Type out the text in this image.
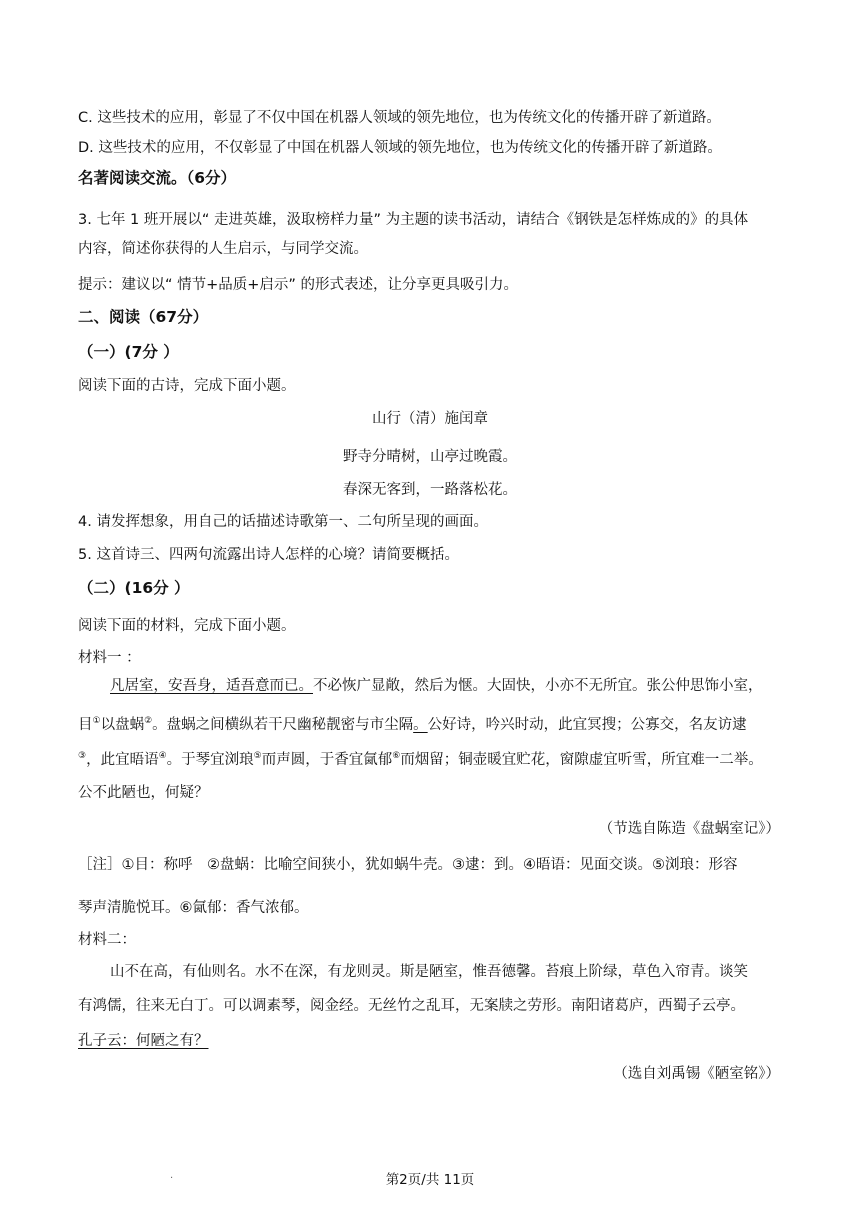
C. 这些技术的应用，彰显了不仅中国在机器人领域的领先地位，也为传统文化的传播开辟了新道路。
D. 这些技术的应用，不仅彰显了中国在机器人领域的领先地位，也为传统文化的传播开辟了新道路。
名著阅读交流。（6分）
3. 七年 1 班开展以“ 走进英雄，汲取榜样力量” 为主题的读书活动，请结合《钢铁是怎样炼成的》的具体
内容，简述你获得的人生启示，与同学交流。
提示：建议以“ 情节+品质+启示” 的形式表述，让分享更具吸引力。
二、阅读（67分）
（一）(7分 ）
阅读下面的古诗，完成下面小题。
山行（清）施闰章
野寺分晴树，山亭过晚霞。
春深无客到，一路落松花。
4. 请发挥想象，用自己的话描述诗歌第一、二句所呈现的画面。
5. 这首诗三、四两句流露出诗人怎样的心境？请简要概括。
（二）(16分 ）
阅读下面的材料，完成下面小题。
材料一 ：
凡居室，安吾身，适吾意而已。不必恢广显敞，然后为惬。大固快，小亦不无所宜。张公仲思饰小室，
目①以盘蜗②。盘蜗之间横纵若干尺幽秘靓密与市尘隔。公好诗，吟兴时动，此宜冥搜；公寡交，名友访逮
③，此宜晤语④。于琴宜浏琅⑤而声圆，于香宜氤郁⑥而烟留；铜壶暖宜贮花，窗隙虚宜听雪，所宜难一二举。
公不此陋也，何疑？
（节选自陈造《盘蜗室记》）
［注］①目：称呼　②盘蜗：比喻空间狭小，犹如蜗牛壳。③逮：到。④晤语：见面交谈。⑤浏琅：形容
琴声清脆悦耳。⑥氤郁：香气浓郁。
材料二：
山不在高，有仙则名。水不在深，有龙则灵。斯是陋室，惟吾德馨。苔痕上阶绿，草色入帘青。谈笑
有鸿儒，往来无白丁。可以调素琴，阅金经。无丝竹之乱耳，无案牍之劳形。南阳诸葛庐，西蜀子云亭。
孔子云：何陋之有？
（选自刘禹锡《陋室铭》）
.	第2页/共 11页
